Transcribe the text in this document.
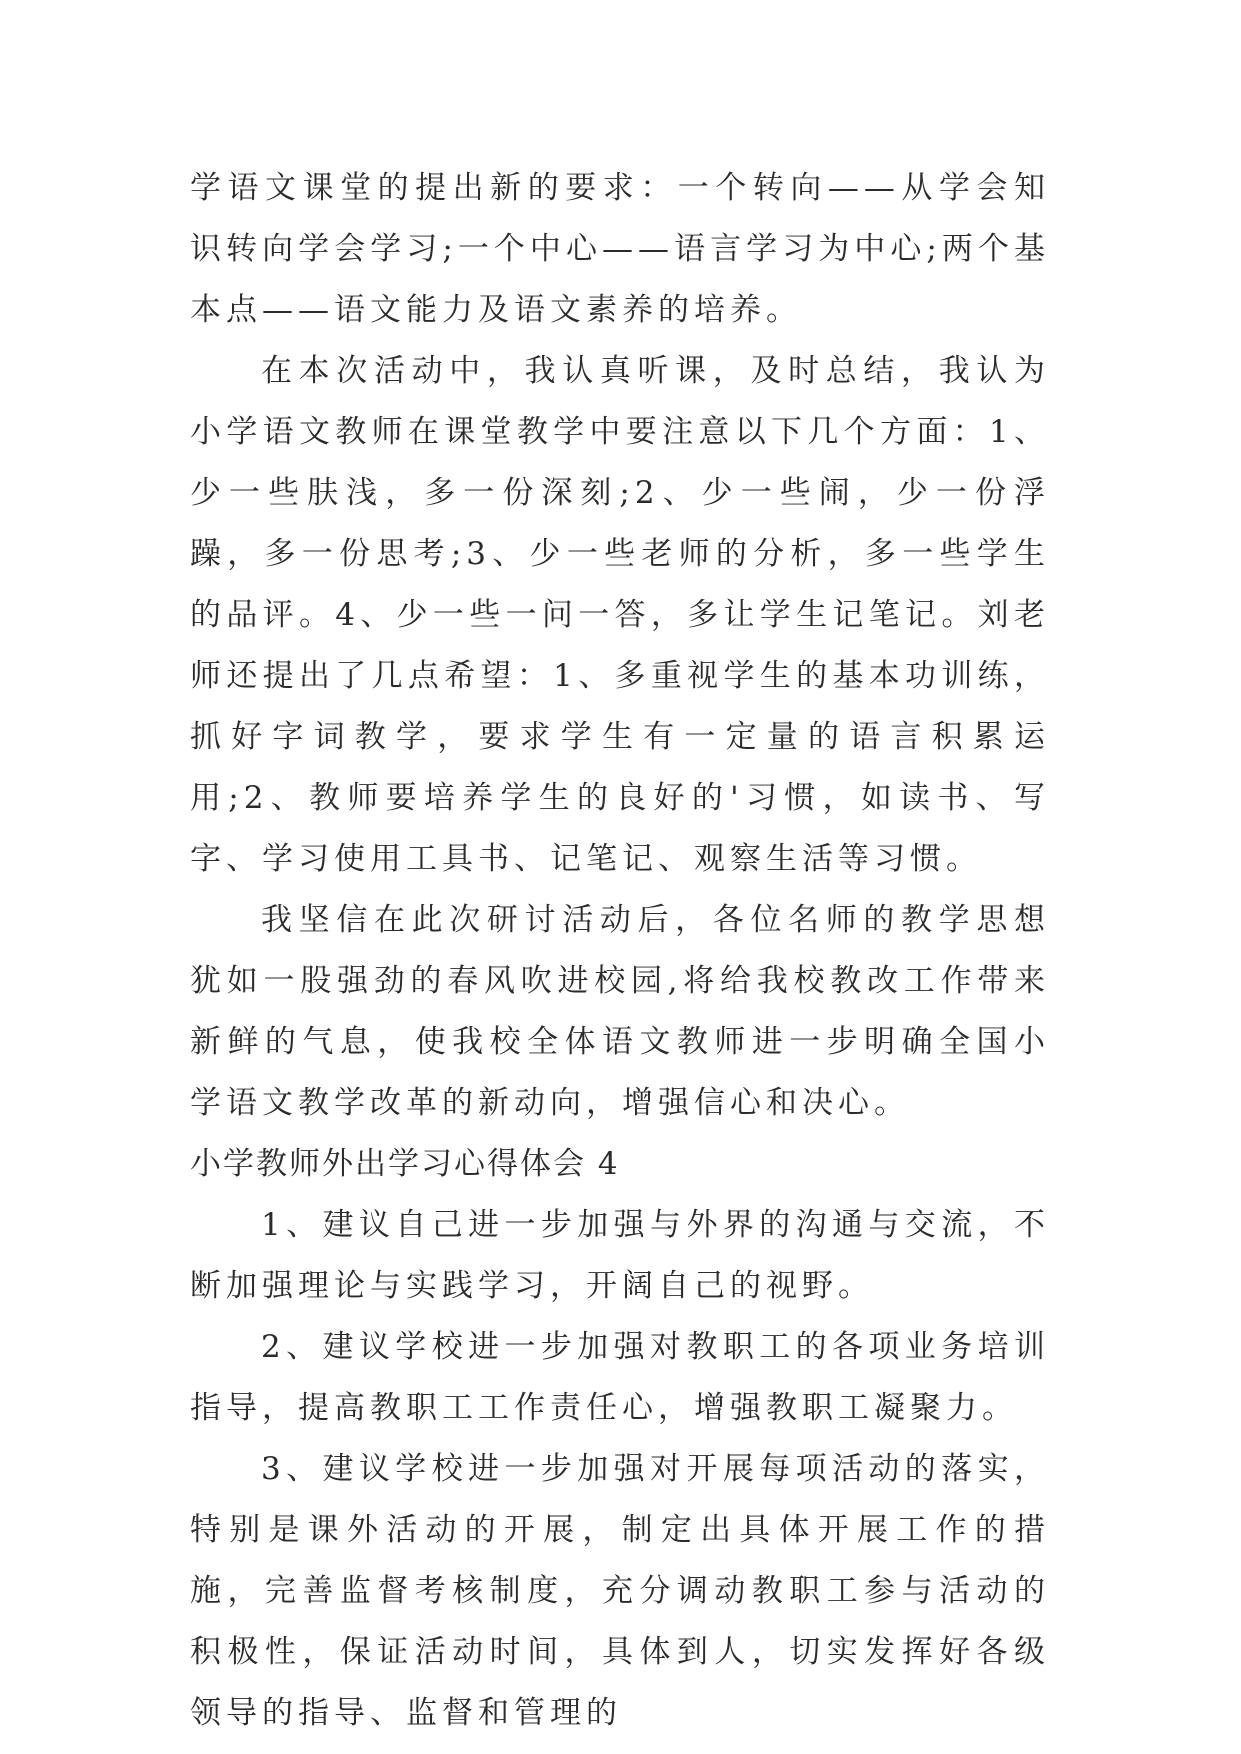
学语文课堂的提出新的要求：一个转向——从学会知识转向学会学习;一个中心——语言学习为中心;两个基本点——语文能力及语文素养的培养。

在本次活动中，我认真听课，及时总结，我认为小学语文教师在课堂教学中要注意以下几个方面：1、少一些肤浅，多一份深刻;2、少一些闹，少一份浮躁，多一份思考;3、少一些老师的分析，多一些学生的品评。4、少一些一问一答，多让学生记笔记。刘老师还提出了几点希望：1、多重视学生的基本功训练，抓好字词教学，要求学生有一定量的语言积累运用;2、教师要培养学生的良好的'习惯，如读书、写字、学习使用工具书、记笔记、观察生活等习惯。

我坚信在此次研讨活动后，各位名师的教学思想犹如一股强劲的春风吹进校园,将给我校教改工作带来新鲜的气息，使我校全体语文教师进一步明确全国小学语文教学改革的新动向，增强信心和决心。

小学教师外出学习心得体会 4

1、建议自己进一步加强与外界的沟通与交流，不断加强理论与实践学习，开阔自己的视野。

2、建议学校进一步加强对教职工的各项业务培训指导，提高教职工工作责任心，增强教职工凝聚力。

3、建议学校进一步加强对开展每项活动的落实，特别是课外活动的开展，制定出具体开展工作的措施，完善监督考核制度，充分调动教职工参与活动的积极性，保证活动时间，具体到人，切实发挥好各级领导的指导、监督和管理的
